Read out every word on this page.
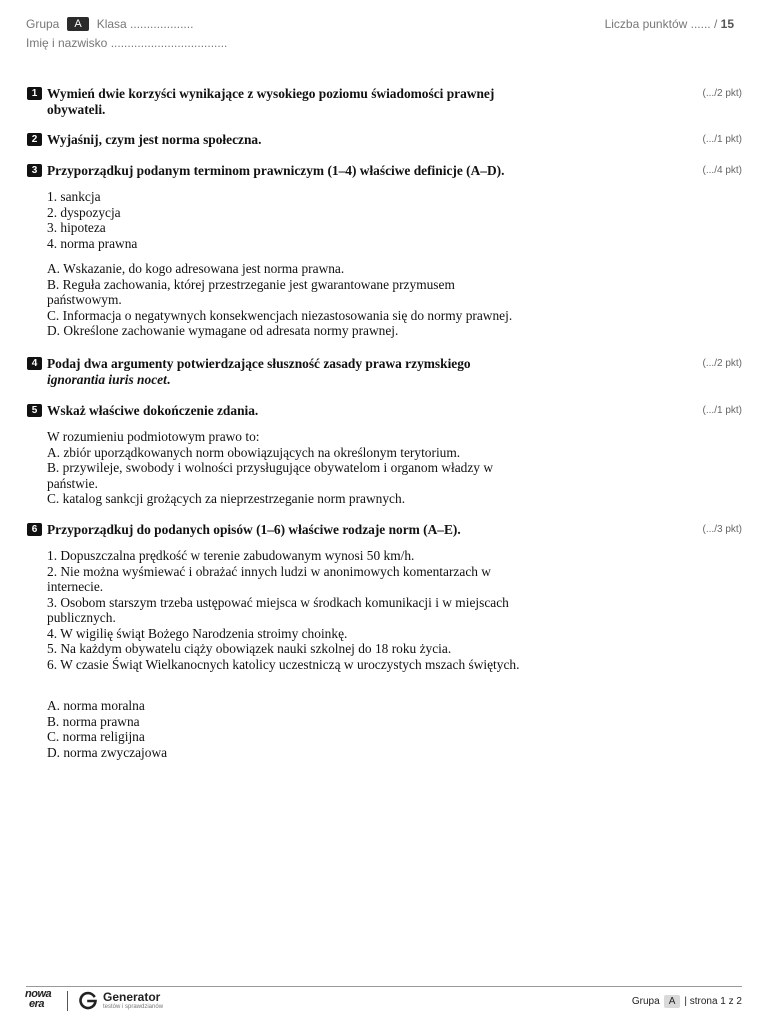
Grupa	A	Klasa ...................	Liczba punktów ...... / 15
Imię i nazwisko ...................................
1 Wymień dwie korzyści wynikające z wysokiego poziomu świadomości prawnej obywateli.
(.../2 pkt)
2 Wyjaśnij, czym jest norma społeczna.	(.../1 pkt)
3 Przyporządkuj podanym terminom prawniczym (1–4) właściwe definicje (A–D).	(.../4 pkt)
1. sankcja
2. dyspozycja
3. hipoteza
4. norma prawna
A. Wskazanie, do kogo adresowana jest norma prawna.
B. Reguła zachowania, której przestrzeganie jest gwarantowane przymusem
państwowym.
C. Informacja o negatywnych konsekwencjach niezastosowania się do normy prawnej.
D. Określone zachowanie wymagane od adresata normy prawnej.
4 Podaj dwa argumenty potwierdzające słuszność zasady prawa rzymskiego
ignorantia iuris nocet.
(.../2 pkt)
5 Wskaż właściwe dokończenie zdania.	(.../1 pkt)
W rozumieniu podmiotowym prawo to:
A. zbiór uporządkowanych norm obowiązujących na określonym terytorium.
B. przywileje, swobody i wolności przysługujące obywatelom i organom władzy w
państwie.
C. katalog sankcji grożących za nieprzestrzeganie norm prawnych.
6 Przyporządkuj do podanych opisów (1–6) właściwe rodzaje norm (A–E).	(.../3 pkt)
1. Dopuszczalna prędkość w terenie zabudowanym wynosi 50 km/h.
2. Nie można wyśmiewać i obrażać innych ludzi w anonimowych komentarzach w
internecie.
3. Osobom starszym trzeba ustępować miejsca w środkach komunikacji i w miejscach
publicznych.
4. W wigilię świąt Bożego Narodzenia stroimy choinkę.
5. Na każdym obywatelu ciąży obowiązek nauki szkolnej do 18 roku życia.
6. W czasie Świąt Wielkanocnych katolicy uczestniczą w uroczystych mszach świętych.
A. norma moralna
B. norma prawna
C. norma religijna
D. norma zwyczajowa
nowa
era	Generator
testów i sprawdzianów	Grupa A | strona 1 z 2
